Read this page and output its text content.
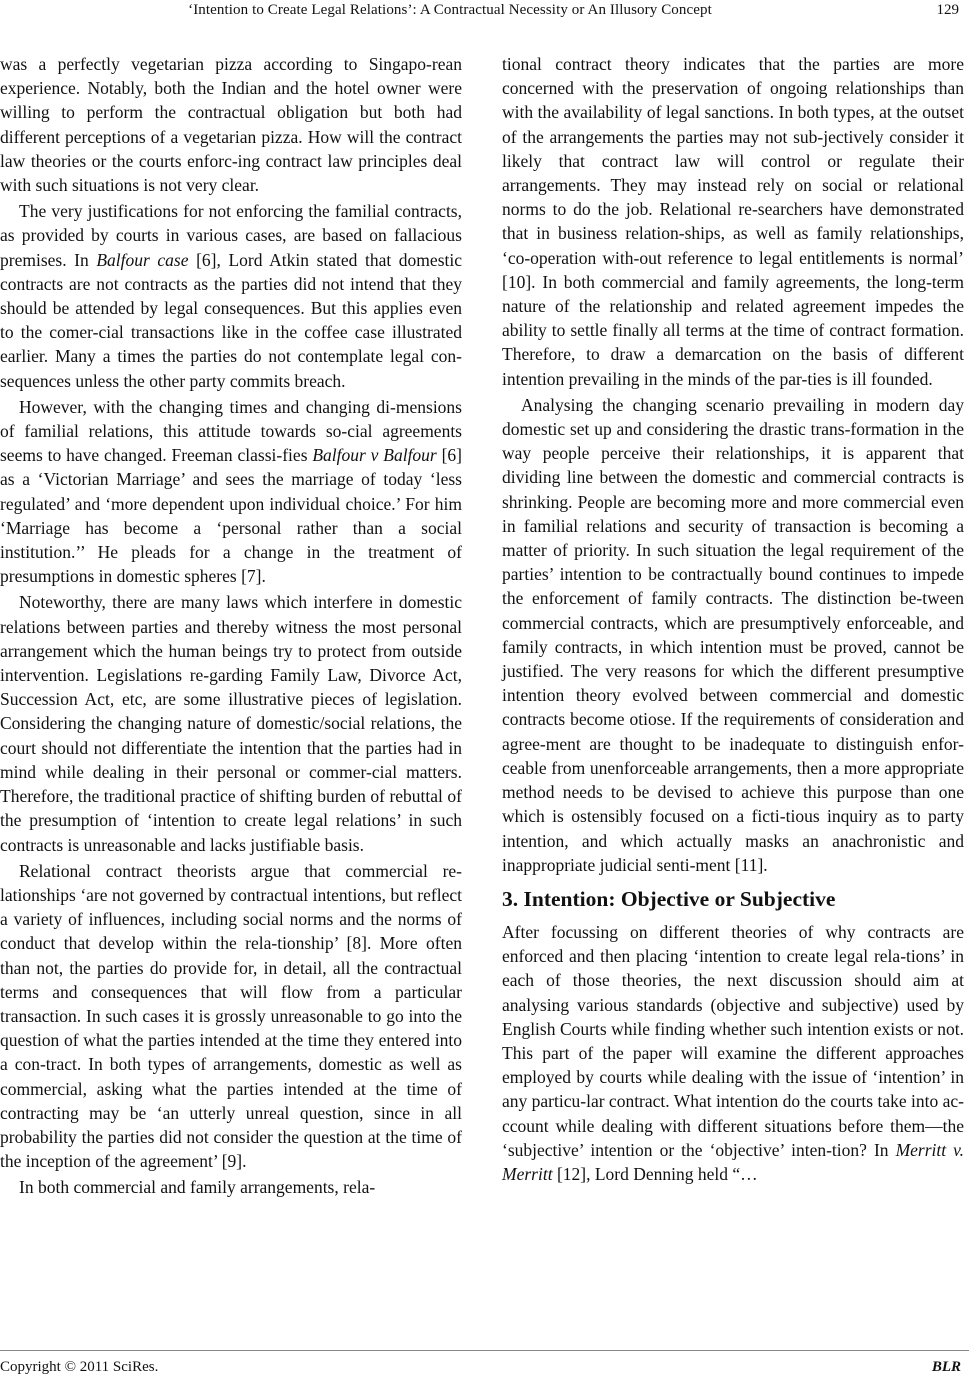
‘Intention to Create Legal Relations’: A Contractual Necessity or An Illusory Concept	129

was a perfectly vegetarian pizza according to Singapo-rean experience. Notably, both the Indian and the hotel owner were willing to perform the contractual obligation but both had different perceptions of a vegetarian pizza. How will the contract law theories or the courts enforc-ing contract law principles deal with such situations is not very clear.

The very justifications for not enforcing the familial contracts, as provided by courts in various cases, are based on fallacious premises. In Balfour case [6], Lord Atkin stated that domestic contracts are not contracts as the parties did not intend that they should be attended by legal consequences. But this applies even to the comer-cial transactions like in the coffee case illustrated earlier. Many a times the parties do not contemplate legal con-sequences unless the other party commits breach.

However, with the changing times and changing di-mensions of familial relations, this attitude towards so-cial agreements seems to have changed. Freeman classi-fies Balfour v Balfour [6] as a ‘Victorian Marriage’ and sees the marriage of today ‘less regulated’ and ‘more dependent upon individual choice.’ For him ‘Marriage has become a ‘personal rather than a social institution.’’ He pleads for a change in the treatment of presumptions in domestic spheres [7].

Noteworthy, there are many laws which interfere in domestic relations between parties and thereby witness the most personal arrangement which the human beings try to protect from outside intervention. Legislations re-garding Family Law, Divorce Act, Succession Act, etc, are some illustrative pieces of legislation. Considering the changing nature of domestic/social relations, the court should not differentiate the intention that the parties had in mind while dealing in their personal or commer-cial matters. Therefore, the traditional practice of shifting burden of rebuttal of the presumption of ‘intention to create legal relations’ in such contracts is unreasonable and lacks justifiable basis.

Relational contract theorists argue that commercial re-lationships ‘are not governed by contractual intentions, but reflect a variety of influences, including social norms and the norms of conduct that develop within the rela-tionship’ [8]. More often than not, the parties do provide for, in detail, all the contractual terms and consequences that will flow from a particular transaction. In such cases it is grossly unreasonable to go into the question of what the parties intended at the time they entered into a con-tract. In both types of arrangements, domestic as well as commercial, asking what the parties intended at the time of contracting may be ‘an utterly unreal question, since in all probability the parties did not consider the question at the time of the inception of the agreement’ [9].

In both commercial and family arrangements, rela-

tional contract theory indicates that the parties are more concerned with the preservation of ongoing relationships than with the availability of legal sanctions. In both types, at the outset of the arrangements the parties may not sub-jectively consider it likely that contract law will control or regulate their arrangements. They may instead rely on social or relational norms to do the job. Relational re-searchers have demonstrated that in business relation-ships, as well as family relationships, ‘co-operation with-out reference to legal entitlements is normal’ [10]. In both commercial and family agreements, the long-term nature of the relationship and related agreement impedes the ability to settle finally all terms at the time of contract formation. Therefore, to draw a demarcation on the basis of different intention prevailing in the minds of the par-ties is ill founded.

Analysing the changing scenario prevailing in modern day domestic set up and considering the drastic trans-formation in the way people perceive their relationships, it is apparent that dividing line between the domestic and commercial contracts is shrinking. People are becoming more and more commercial even in familial relations and security of transaction is becoming a matter of priority. In such situation the legal requirement of the parties’ intention to be contractually bound continues to impede the enforcement of family contracts. The distinction be-tween commercial contracts, which are presumptively enforceable, and family contracts, in which intention must be proved, cannot be justified. The very reasons for which the different presumptive intention theory evolved between commercial and domestic contracts become otiose. If the requirements of consideration and agree-ment are thought to be inadequate to distinguish enfor-ceable from unenforceable arrangements, then a more appropriate method needs to be devised to achieve this purpose than one which is ostensibly focused on a ficti-tious inquiry as to party intention, and which actually masks an anachronistic and inappropriate judicial senti-ment [11].

3. Intention: Objective or Subjective

After focussing on different theories of why contracts are enforced and then placing ‘intention to create legal rela-tions’ in each of those theories, the next discussion should aim at analysing various standards (objective and subjective) used by English Courts while finding whether such intention exists or not. This part of the paper will examine the different approaches employed by courts while dealing with the issue of ‘intention’ in any particu-lar contract. What intention do the courts take into ac-ccount while dealing with different situations before them—the ‘subjective’ intention or the ‘objective’ inten-tion? In Merritt v. Merritt [12], Lord Denning held “…

Copyright © 2011 SciRes.	BLR
